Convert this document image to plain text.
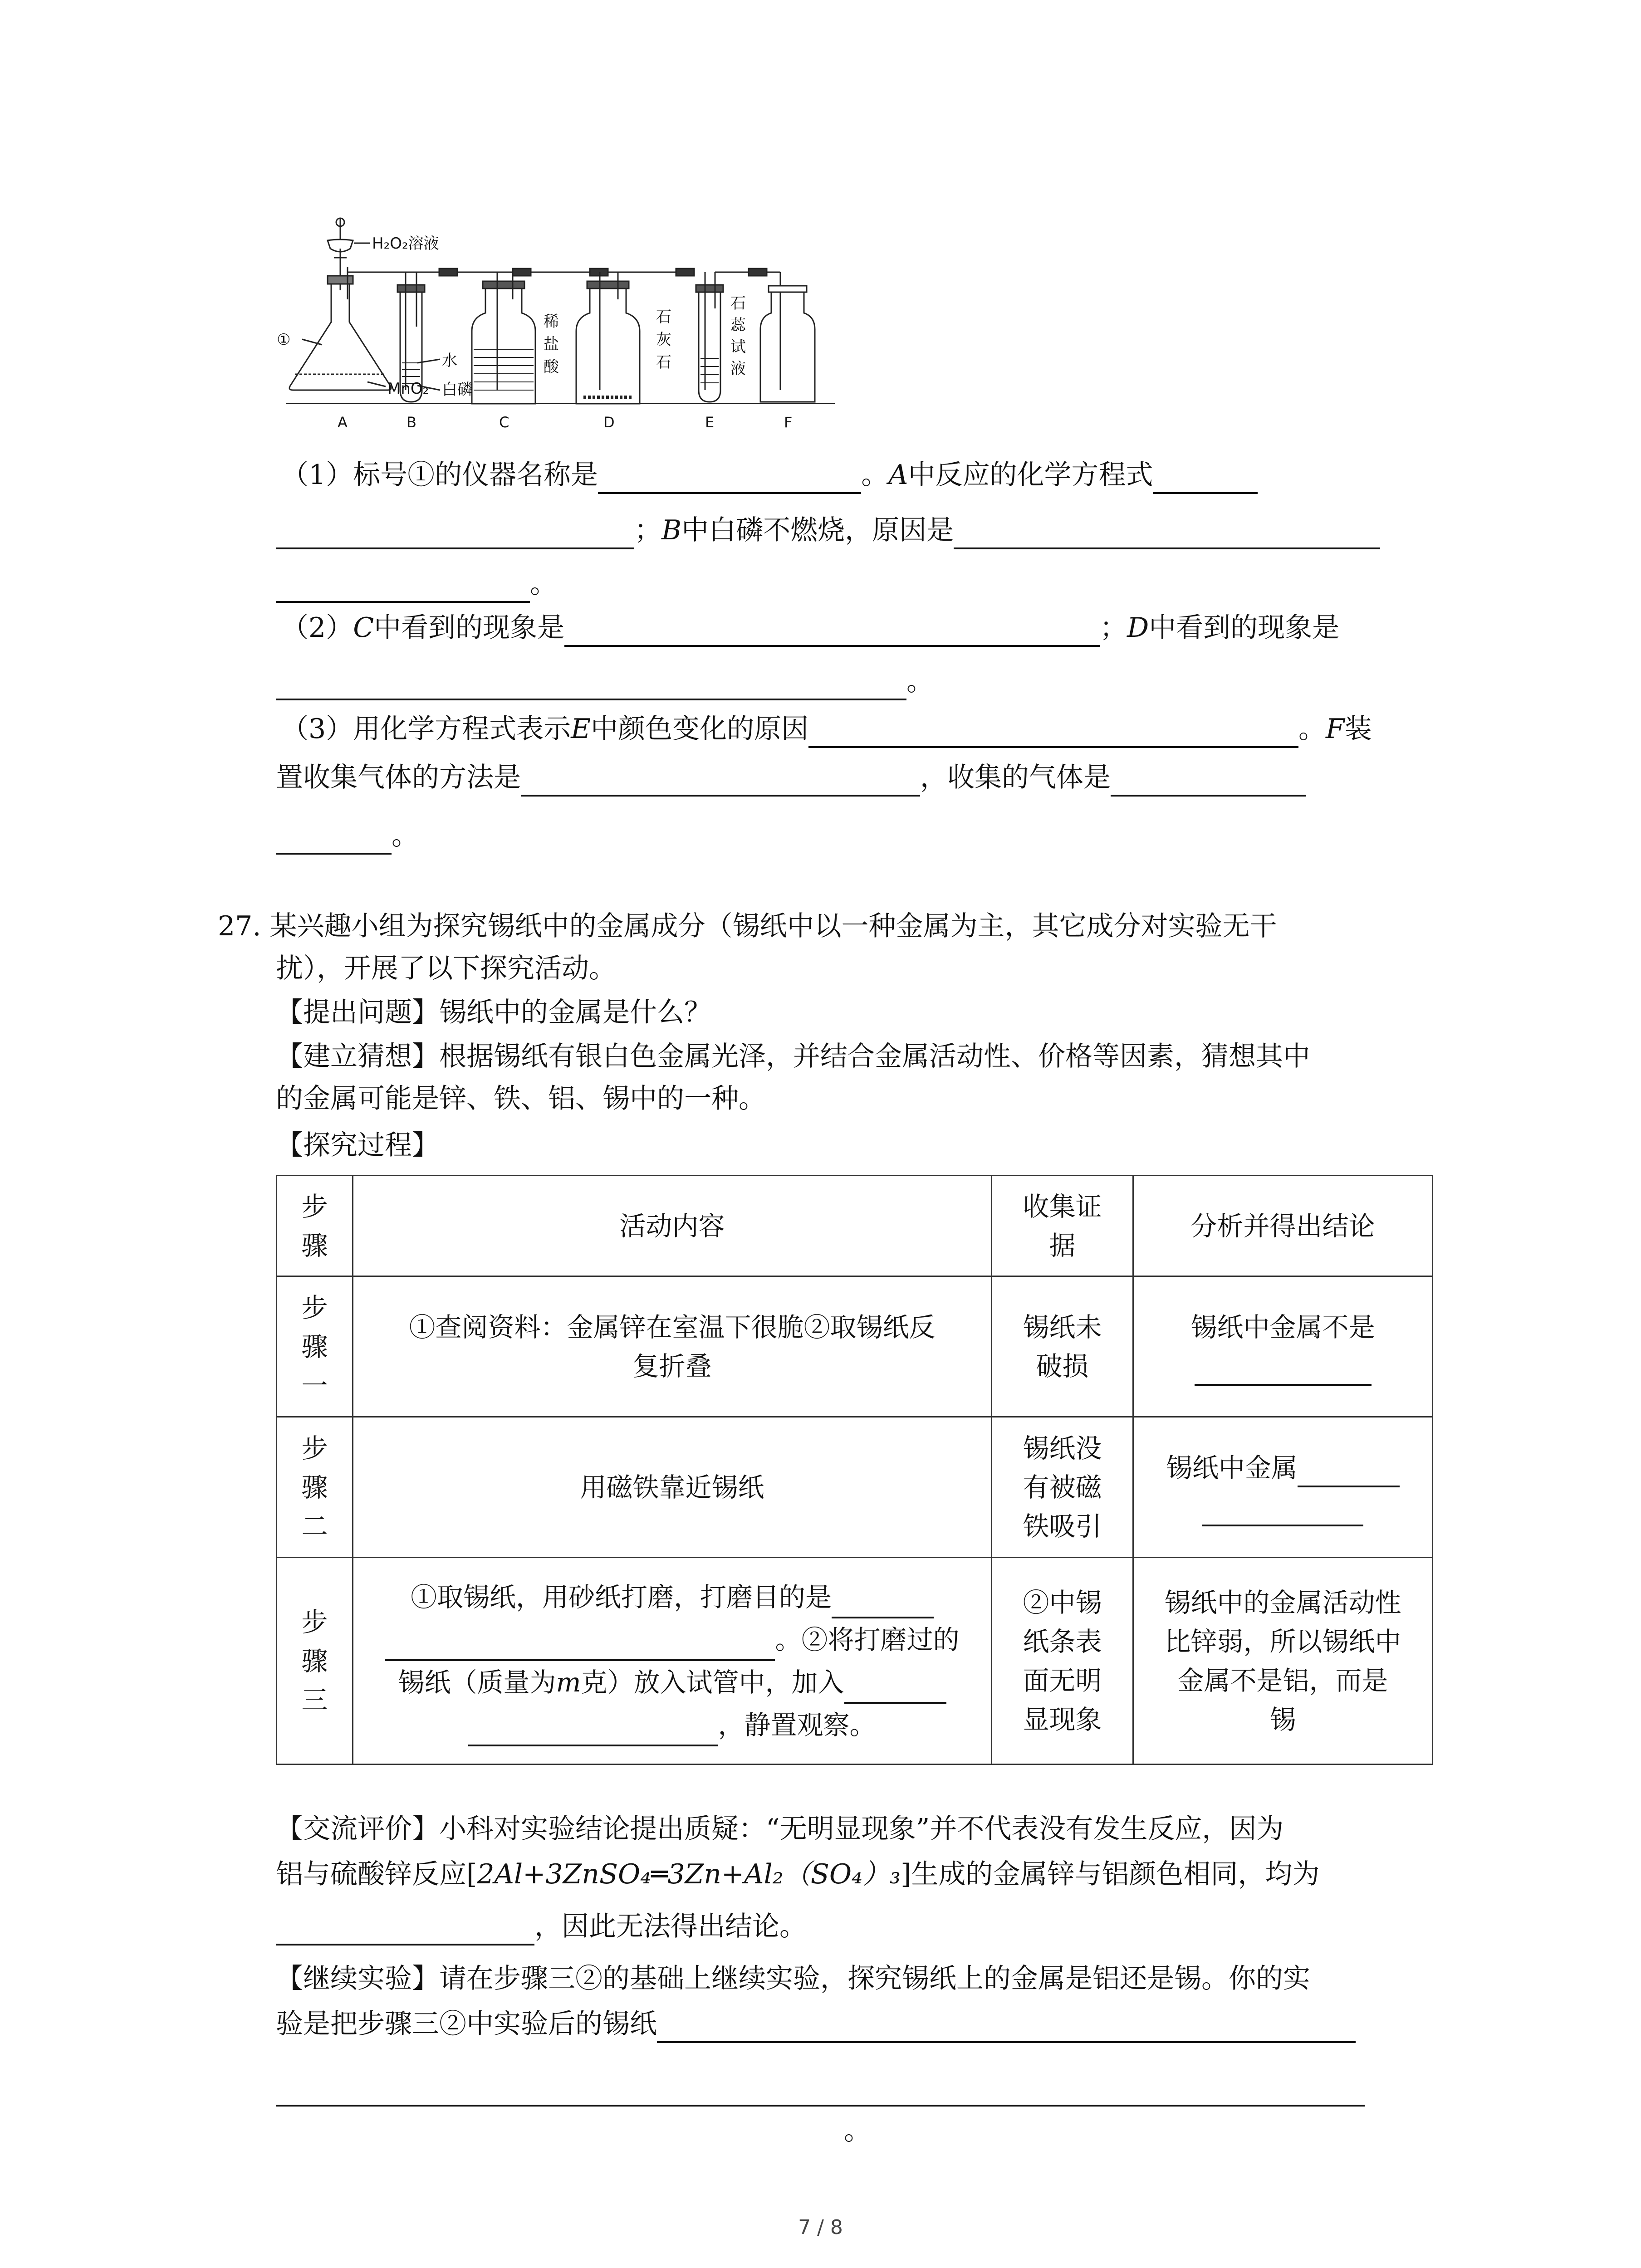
H₂O₂溶液
①
MnO₂
水
白磷
稀
盐
酸
石
灰
石
石
蕊
试
液
A	B	C	D	E	F
（1）标号①的仪器名称是	。A中反应的化学方程式
；B中白磷不燃烧，原因是
。
（2）C中看到的现象是	；D中看到的现象是
。
（3）用化学方程式表示E中颜色变化的原因	。F装
置收集气体的方法是	，收集的气体是
。
27. 某兴趣小组为探究锡纸中的金属成分（锡纸中以一种金属为主，其它成分对实验无干
扰），开展了以下探究活动。
【提出问题】锡纸中的金属是什么？
【建立猜想】根据锡纸有银白色金属光泽，并结合金属活动性、价格等因素，猜想其中
的金属可能是锌、铁、铝、锡中的一种。
【探究过程】
步
骤	活动内容	收集证
据	分析并得出结论
步
骤
一	①查阅资料：金属锌在室温下很脆②取锡纸反
复折叠	锡纸未
破损	锡纸中金属不是

步
骤
二	用磁铁靠近锡纸	锡纸没
有被磁
铁吸引	锡纸中金属

步
骤
三	①取锡纸，用砂纸打磨，打磨目的是
。②将打磨过的
锡纸（质量为m克）放入试管中，加入
，静置观察。	②中锡
纸条表
面无明
显现象	锡纸中的金属活动性
比锌弱，所以锡纸中
金属不是铝，而是
锡
【交流评价】小科对实验结论提出质疑：“无明显现象”并不代表没有发生反应，因为
铝与硫酸锌反应[2Al+3ZnSO₄═3Zn+Al₂（SO₄）₃]生成的金属锌与铝颜色相同，均为
，因此无法得出结论。
【继续实验】请在步骤三②的基础上继续实验，探究锡纸上的金属是铝还是锡。你的实
验是把步骤三②中实验后的锡纸
。
7 / 8
